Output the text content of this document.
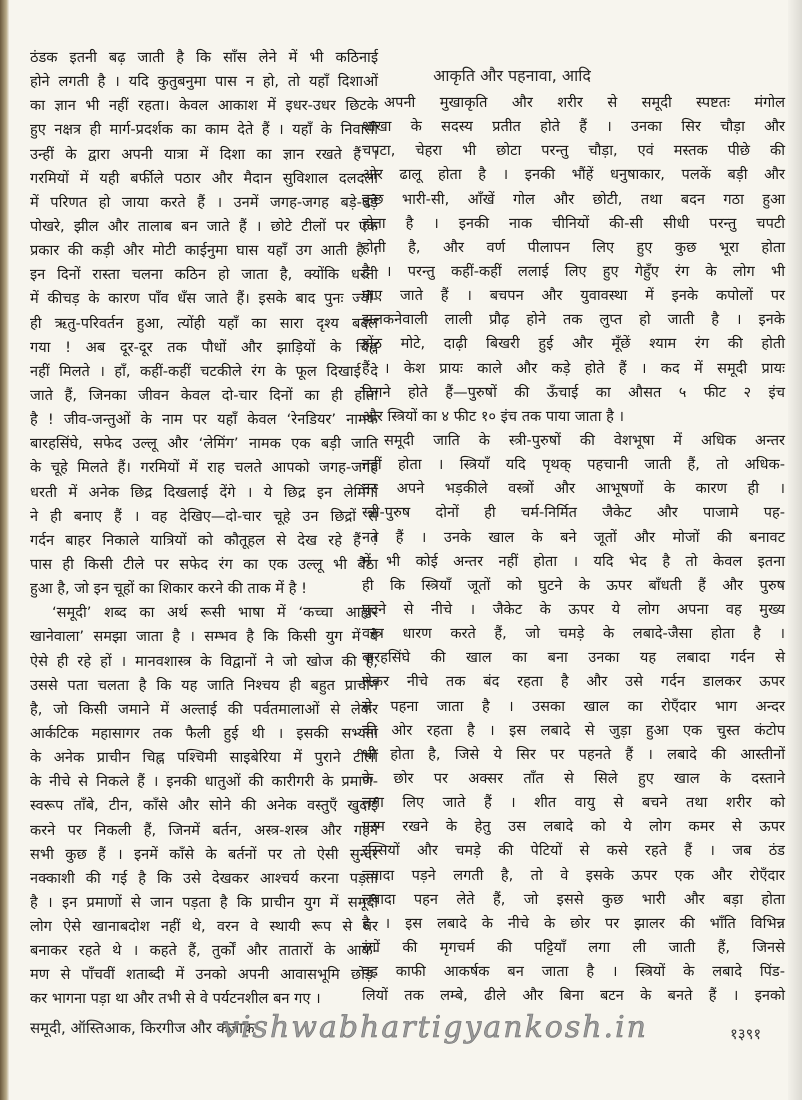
ठंडक इतनी बढ़ जाती है कि साँस लेने में भी कठिनाई
होने लगती है । यदि कुतुबनुमा पास न हो, तो यहाँ दिशाओं
का ज्ञान भी नहीं रहता। केवल आकाश में इधर-उधर छिटके
हुए नक्षत्र ही मार्ग-प्रदर्शक का काम देते हैं । यहाँ के निवासी
उन्हीं के द्वारा अपनी यात्रा में दिशा का ज्ञान रखते हैं ।
गरमियों में यही बर्फीले पठार और मैदान सुविशाल दलदलों
में परिणत हो जाया करते हैं । उनमें जगह-जगह बड़े-बड़े
पोखरे, झील और तालाब बन जाते हैं । छोटे टीलों पर एक
प्रकार की कड़ी और मोटी काईनुमा घास यहाँ उग आती है ।
इन दिनों रास्ता चलना कठिन हो जाता है, क्योंकि धरती
में कीचड़ के कारण पाँव धँस जाते हैं। इसके बाद पुनः ज्यों-
ही ऋतु-परिवर्तन हुआ, त्योंही यहाँ का सारा दृश्य बदल
गया ! अब दूर-दूर तक पौधों और झाड़ियों के चिह्न
नहीं मिलते । हाँ, कहीं-कहीं चटकीले रंग के फूल दिखाई दे
जाते हैं, जिनका जीवन केवल दो-चार दिनों का ही होता
है ! जीव-जन्तुओं के नाम पर यहाँ केवल ‘रेनडियर’ नामक
बारहसिंघे, सफेद उल्लू और ‘लेमिंग’ नामक एक बड़ी जाति
के चूहे मिलते हैं। गरमियों में राह चलते आपको जगह-जगह
धरती में अनेक छिद्र दिखलाई देंगे । ये छिद्र इन लेमिंगों
ने ही बनाए हैं । वह देखिए—दो-चार चूहे उन छिद्रों से
गर्दन बाहर निकाले यात्रियों को कौतूहल से देख रहे हैं !
पास ही किसी टीले पर सफेद रंग का एक उल्लू भी बैठा
हुआ है, जो इन चूहों का शिकार करने की ताक में है !
‘समूदी’ शब्द का अर्थ रूसी भाषा में ‘कच्चा आहार
खानेवाला’ समझा जाता है । सम्भव है कि किसी युग में वे
ऐसे ही रहे हों । मानवशास्त्र के विद्वानों ने जो खोज की है,
उससे पता चलता है कि यह जाति निश्चय ही बहुत प्राचीन
है, जो किसी जमाने में अल्ताई की पर्वतमालाओं से लेकर
आर्कटिक महासागर तक फैली हुई थी । इसकी सभ्यता
के अनेक प्राचीन चिह्न पश्चिमी साइबेरिया में पुराने टीलों
के नीचे से निकले हैं । इनकी धातुओं की कारीगरी के प्रमाण-
स्वरूप ताँबे, टीन, काँसे और सोने की अनेक वस्तुएँ खुदाई
करने पर निकली हैं, जिनमें बर्तन, अस्त्र-शस्त्र और गहने
सभी कुछ हैं । इनमें काँसे के बर्तनों पर तो ऐसी सुन्दर
नक्काशी की गई है कि उसे देखकर आश्चर्य करना पड़ता
है । इन प्रमाणों से जान पड़ता है कि प्राचीन युग में समूदी
लोग ऐसे खानाबदोश नहीं थे, वरन वे स्थायी रूप से घर
बनाकर रहते थे । कहते हैं, तुर्कों और तातारों के आक-
मण से पाँचवीं शताब्दी में उनको अपनी आवासभूमि छोड़-
कर भागना पड़ा था और तभी से वे पर्यटनशील बन गए ।
आकृति और पहनावा, आदि
अपनी मुखाकृति और शरीर से समूदी स्पष्टतः मंगोल
शाखा के सदस्य प्रतीत होते हैं । उनका सिर चौड़ा और
चपटा, चेहरा भी छोटा परन्तु चौड़ा, एवं मस्तक पीछे की
ओर ढालू होता है । इनकी भौंहें धनुषाकार, पलकें बड़ी और
कुछ भारी-सी, आँखें गोल और छोटी, तथा बदन गठा हुआ
होता है । इनकी नाक चीनियों की-सी सीधी परन्तु चपटी
होती है, और वर्ण पीलापन लिए हुए कुछ भूरा होता
है । परन्तु कहीं-कहीं ललाई लिए हुए गेहुँए रंग के लोग भी
पाए जाते हैं । बचपन और युवावस्था में इनके कपोलों पर
झलकनेवाली लाली प्रौढ़ होने तक लुप्त हो जाती है । इनके
होंठ मोटे, दाढ़ी बिखरी हुई और मूँछें श्याम रंग की होती
हैं । केश प्रायः काले और कड़े होते हैं । कद में समूदी प्रायः
ठिगने होते हैं—पुरुषों की ऊँचाई का औसत ५ फीट २ इंच
और स्त्रियों का ४ फीट १० इंच तक पाया जाता है ।
समूदी जाति के स्त्री-पुरुषों की वेशभूषा में अधिक अन्तर
नहीं होता । स्त्रियाँ यदि पृथक् पहचानी जाती हैं, तो अधिक-
तर अपने भड़कीले वस्त्रों और आभूषणों के कारण ही ।
स्त्री-पुरुष दोनों ही चर्म-निर्मित जैकेट और पाजामे पह-
नते हैं । उनके खाल के बने जूतों और मोजों की बनावट
में भी कोई अन्तर नहीं होता । यदि भेद है तो केवल इतना
ही कि स्त्रियाँ जूतों को घुटने के ऊपर बाँधती हैं और पुरुष
घुटने से नीचे । जैकेट के ऊपर ये लोग अपना वह मुख्य
वस्त्र धारण करते हैं, जो चमड़े के लबादे-जैसा होता है ।
बारहसिंघे की खाल का बना उनका यह लबादा गर्दन से
लेकर नीचे तक बंद रहता है और उसे गर्दन डालकर ऊपर
से पहना जाता है । उसका खाल का रोएँदार भाग अन्दर
की ओर रहता है । इस लबादे से जुड़ा हुआ एक चुस्त कंटोप
भी होता है, जिसे ये सिर पर पहनते हैं । लबादे की आस्तीनों
के छोर पर अक्सर ताँत से सिले हुए खाल के दस्ताने
लगा लिए जाते हैं । शीत वायु से बचने तथा शरीर को
गरम रखने के हेतु उस लबादे को ये लोग कमर से ऊपर
रस्सियों और चमड़े की पेटियों से कसे रहते हैं । जब ठंड
ज्यादा पड़ने लगती है, तो वे इसके ऊपर एक और रोएँदार
लबादा पहन लेते हैं, जो इससे कुछ भारी और बड़ा होता
है । इस लबादे के नीचे के छोर पर झालर की भाँति विभिन्न
रंगों की मृगचर्म की पट्टियाँ लगा ली जाती हैं, जिनसे
वह काफी आकर्षक बन जाता है । स्त्रियों के लबादे पिंड-
लियों तक लम्बे, ढीले और बिना बटन के बनते हैं । इनको
समूदी, ऑस्तिआक, किरगीज और कज़ाक
vishwabhartigyankosh.in	१३९१
